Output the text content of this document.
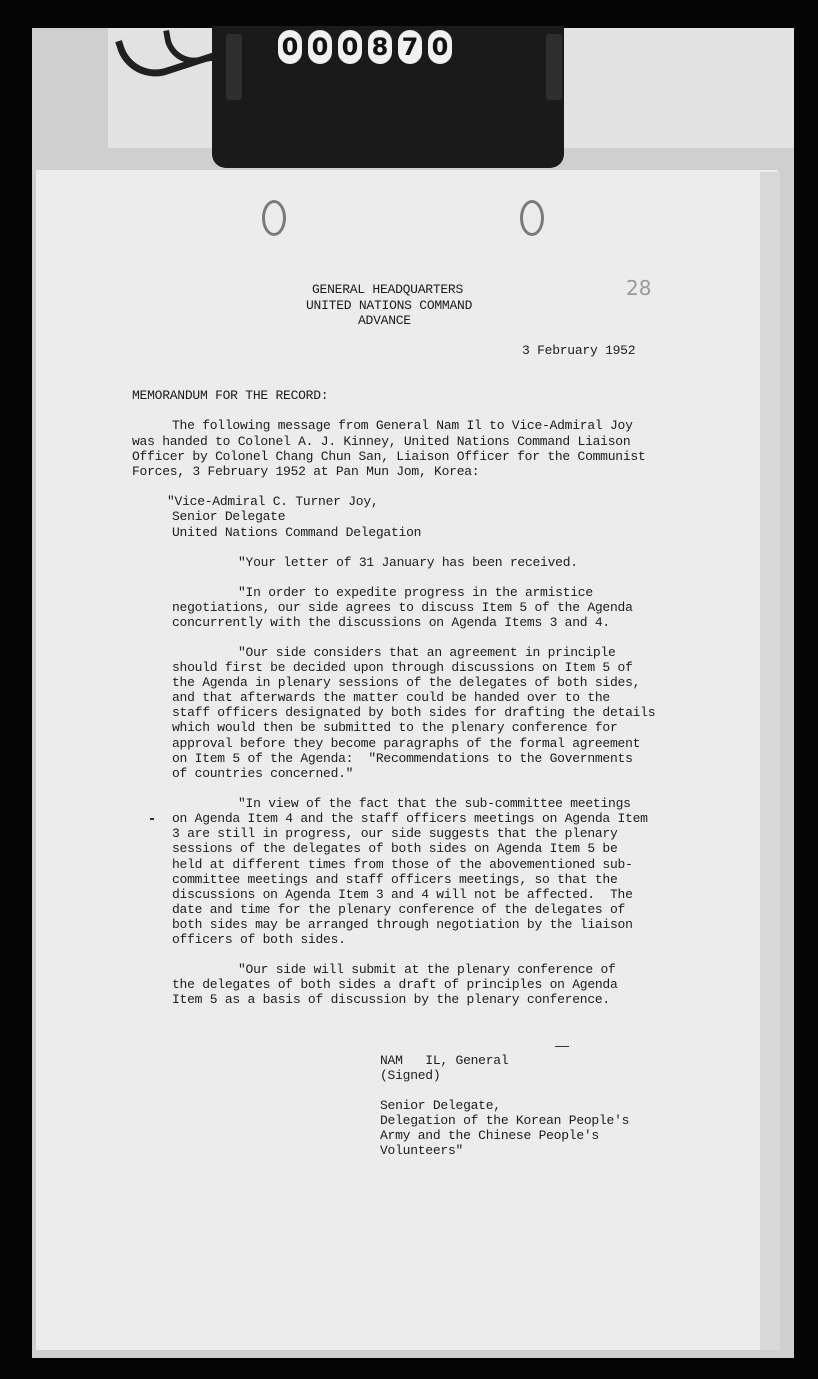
0 0 0 8 7 0
28
GENERAL HEADQUARTERS
UNITED NATIONS COMMAND
ADVANCE
3 February 1952
MEMORANDUM FOR THE RECORD:
The following message from General Nam Il to Vice-Admiral Joy
was handed to Colonel A. J. Kinney, United Nations Command Liaison
Officer by Colonel Chang Chun San, Liaison Officer for the Communist
Forces, 3 February 1952 at Pan Mun Jom, Korea:
"Vice-Admiral C. Turner Joy,
Senior Delegate
United Nations Command Delegation
"Your letter of 31 January has been received.
"In order to expedite progress in the armistice
negotiations, our side agrees to discuss Item 5 of the Agenda
concurrently with the discussions on Agenda Items 3 and 4.
"Our side considers that an agreement in principle
should first be decided upon through discussions on Item 5 of
the Agenda in plenary sessions of the delegates of both sides,
and that afterwards the matter could be handed over to the
staff officers designated by both sides for drafting the details
which would then be submitted to the plenary conference for
approval before they become paragraphs of the formal agreement
on Item 5 of the Agenda:  "Recommendations to the Governments
of countries concerned."
"In view of the fact that the sub-committee meetings
on Agenda Item 4 and the staff officers meetings on Agenda Item
3 are still in progress, our side suggests that the plenary
sessions of the delegates of both sides on Agenda Item 5 be
held at different times from those of the abovementioned sub-
committee meetings and staff officers meetings, so that the
discussions on Agenda Item 3 and 4 will not be affected.  The
date and time for the plenary conference of the delegates of
both sides may be arranged through negotiation by the liaison
officers of both sides.
"Our side will submit at the plenary conference of
the delegates of both sides a draft of principles on Agenda
Item 5 as a basis of discussion by the plenary conference.
NAM   IL, General
(Signed)
Senior Delegate,
Delegation of the Korean People's
Army and the Chinese People's
Volunteers"
